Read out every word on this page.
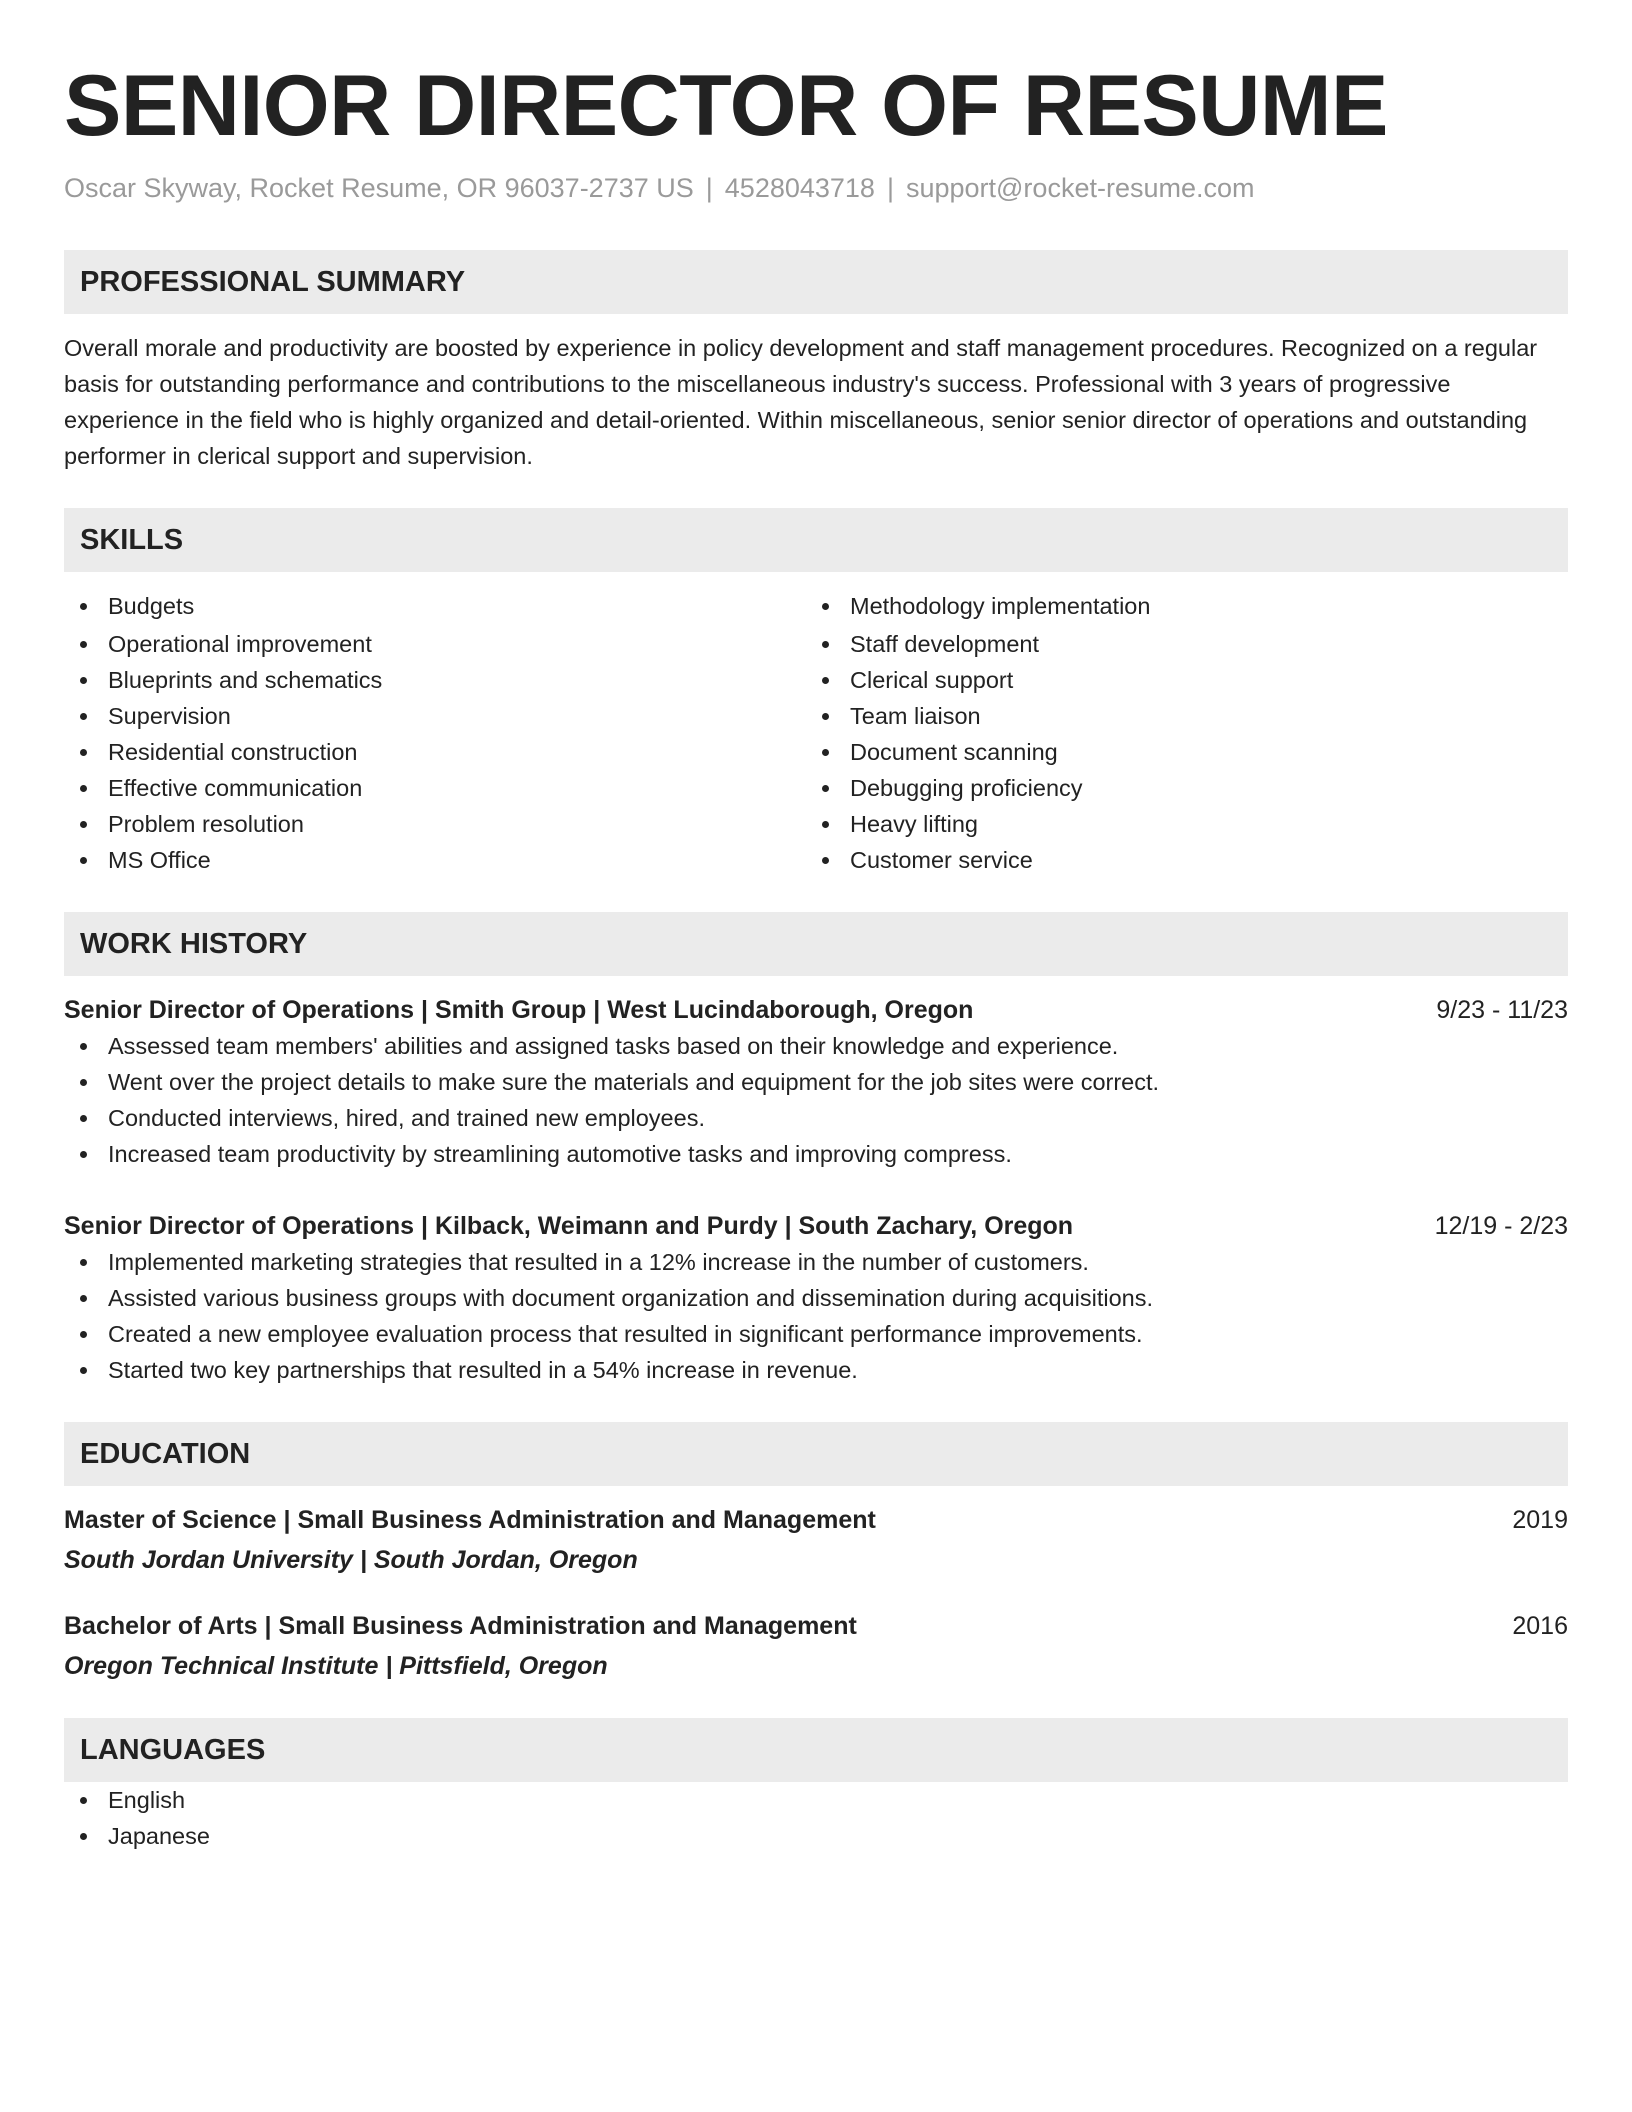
SENIOR DIRECTOR OF RESUME
Oscar Skyway, Rocket Resume, OR 96037-2737 US | 4528043718 | support@rocket-resume.com
PROFESSIONAL SUMMARY

Overall morale and productivity are boosted by experience in policy development and staff management procedures. Recognized on a regular basis for outstanding performance and contributions to the miscellaneous industry's success. Professional with 3 years of progressive experience in the field who is highly organized and detail-oriented. Within miscellaneous, senior senior director of operations and outstanding performer in clerical support and supervision.

SKILLS
Budgets
Operational improvement
Blueprints and schematics
Supervision
Residential construction
Effective communication
Problem resolution
MS Office
Methodology implementation
Staff development
Clerical support
Team liaison
Document scanning
Debugging proficiency
Heavy lifting
Customer service
WORK HISTORY
Senior Director of Operations | Smith Group | West Lucindaborough, Oregon	9/23 - 11/23
Assessed team members' abilities and assigned tasks based on their knowledge and experience.
Went over the project details to make sure the materials and equipment for the job sites were correct.
Conducted interviews, hired, and trained new employees.
Increased team productivity by streamlining automotive tasks and improving compress.
Senior Director of Operations | Kilback, Weimann and Purdy | South Zachary, Oregon	12/19 - 2/23
Implemented marketing strategies that resulted in a 12% increase in the number of customers.
Assisted various business groups with document organization and dissemination during acquisitions.
Created a new employee evaluation process that resulted in significant performance improvements.
Started two key partnerships that resulted in a 54% increase in revenue.
EDUCATION
Master of Science | Small Business Administration and Management	2019
South Jordan University | South Jordan, Oregon
Bachelor of Arts | Small Business Administration and Management	2016
Oregon Technical Institute | Pittsfield, Oregon
LANGUAGES
English
Japanese
